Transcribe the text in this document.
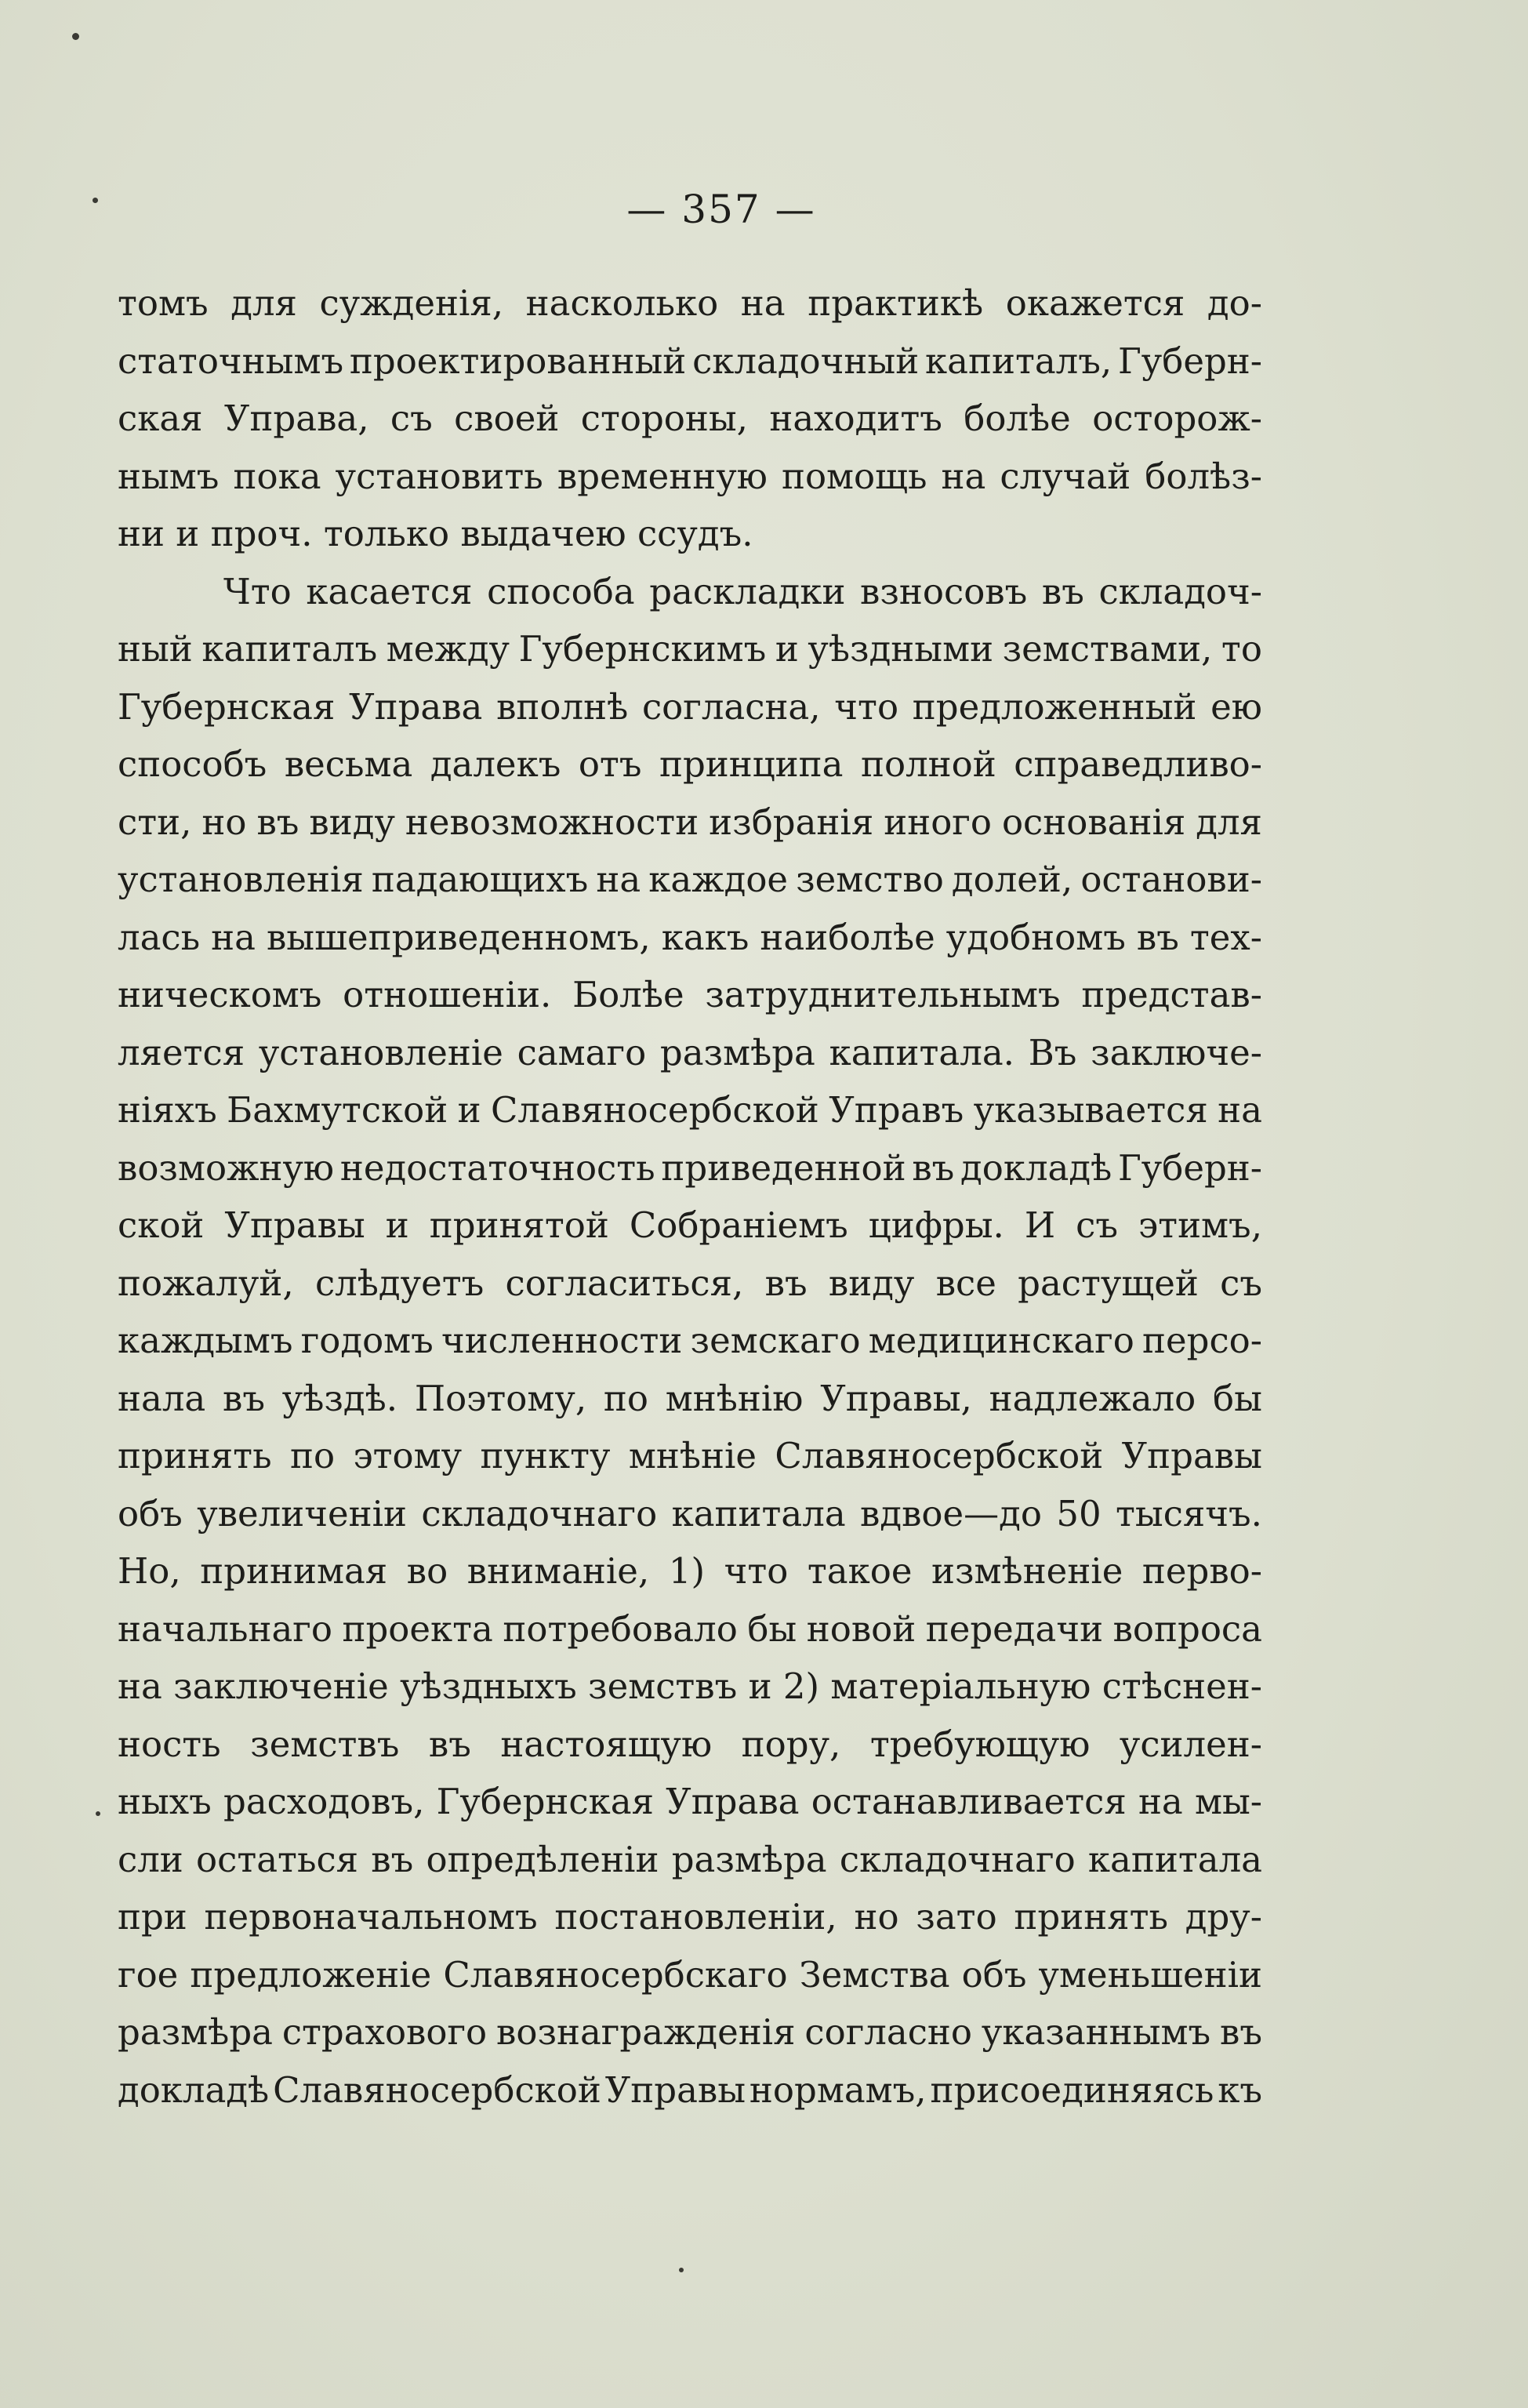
— 357 —
томъ для сужденія, насколько на практикѣ окажется до-
статочнымъ проектированный складочный капиталъ, Губерн-
ская Управа, съ своей стороны, находитъ болѣе осторож-
нымъ пока установить временную помощь на случай болѣз-
ни и проч. только выдачею ссудъ.
Что касается способа раскладки взносовъ въ складоч-
ный капиталъ между Губернскимъ и уѣздными земствами, то
Губернская Управа вполнѣ согласна, что предложенный ею
способъ весьма далекъ отъ принципа полной справедливо-
сти, но въ виду невозможности избранія иного основанія для
установленія падающихъ на каждое земство долей, останови-
лась на вышеприведенномъ, какъ наиболѣе удобномъ въ тех-
ническомъ отношеніи. Болѣе затруднительнымъ представ-
ляется установленіе самаго размѣра капитала. Въ заключе-
ніяхъ Бахмутской и Славяносербской Управъ указывается на
возможную недостаточность приведенной въ докладѣ Губерн-
ской Управы и принятой Собраніемъ цифры. И съ этимъ,
пожалуй, слѣдуетъ согласиться, въ виду все растущей съ
каждымъ годомъ численности земскаго медицинскаго персо-
нала въ уѣздѣ. Поэтому, по мнѣнію Управы, надлежало бы
принять по этому пункту мнѣніе Славяносербской Управы
объ увеличеніи складочнаго капитала вдвое—до 50 тысячъ.
Но, принимая во вниманіе, 1) что такое измѣненіе перво-
начальнаго проекта потребовало бы новой передачи вопроса
на заключеніе уѣздныхъ земствъ и 2) матеріальную стѣснен-
ность земствъ въ настоящую пору, требующую усилен-
ныхъ расходовъ, Губернская Управа останавливается на мы-
сли остаться въ опредѣленіи размѣра складочнаго капитала
при первоначальномъ постановленіи, но зато принять дру-
гое предложеніе Славяносербскаго Земства объ уменьшеніи
размѣра страхового вознагражденія согласно указаннымъ въ
докладѣ Славяносербской Управы нормамъ, присоединяясь къ
